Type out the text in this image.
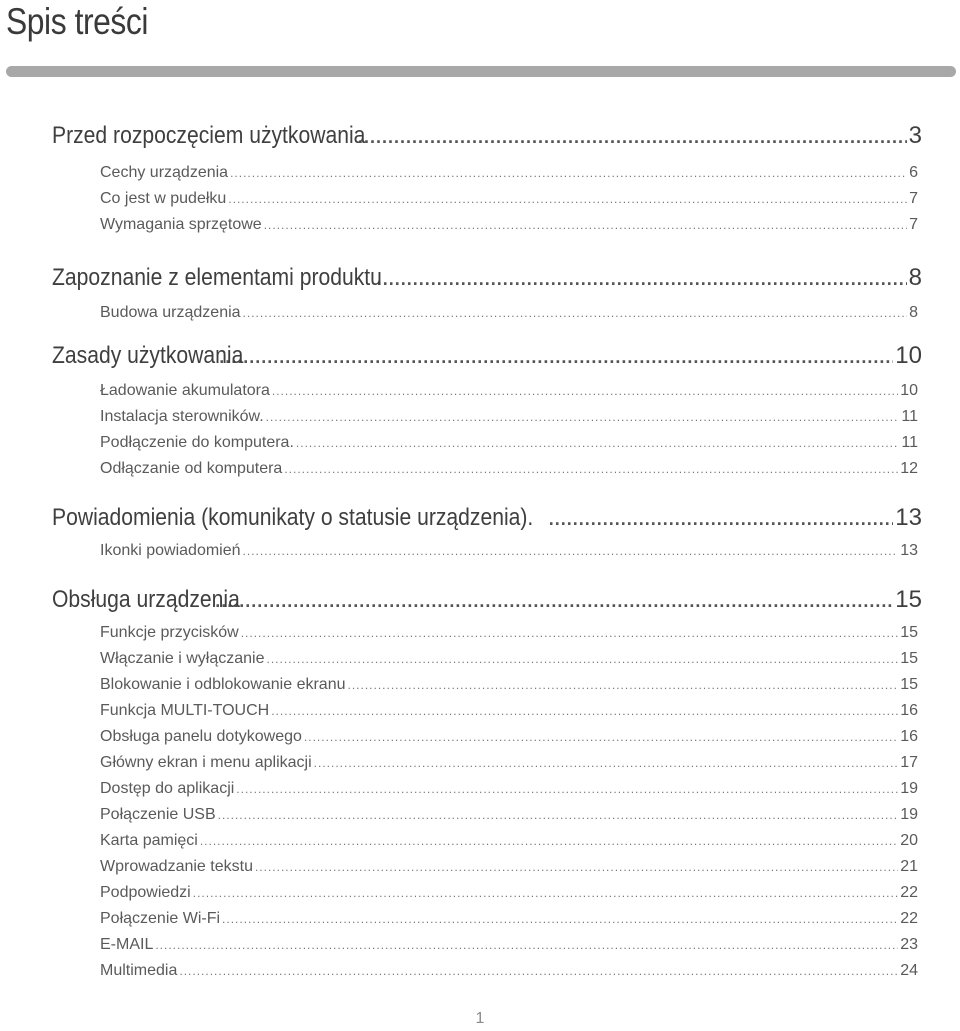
Spis treści
Przed rozpoczęciem użytkowania .....	3
Cechy urządzenia .....	6
Co jest w pudełku .....	7
Wymagania sprzętowe .....	7
Zapoznanie z elementami produktu .....	8
Budowa urządzenia .....	8
Zasady użytkowania .....	10
Ładowanie akumulatora .....	10
Instalacja sterowników. .....	11
Podłączenie do komputera. .....	11
Odłączanie od komputera .....	12
Powiadomienia (komunikaty o statusie urządzenia). .....	13
Ikonki powiadomień .....	13
Obsługa urządzenia .....	15
Funkcje przycisków .....	15
Włączanie i wyłączanie .....	15
Blokowanie i odblokowanie ekranu .....	15
Funkcja MULTI-TOUCH .....	16
Obsługa panelu dotykowego .....	16
Główny ekran i menu aplikacji .....	17
Dostęp do aplikacji .....	19
Połączenie USB .....	19
Karta pamięci .....	20
Wprowadzanie tekstu .....	21
Podpowiedzi .....	22
Połączenie Wi-Fi .....	22
E-MAIL .....	23
Multimedia .....	24
1
